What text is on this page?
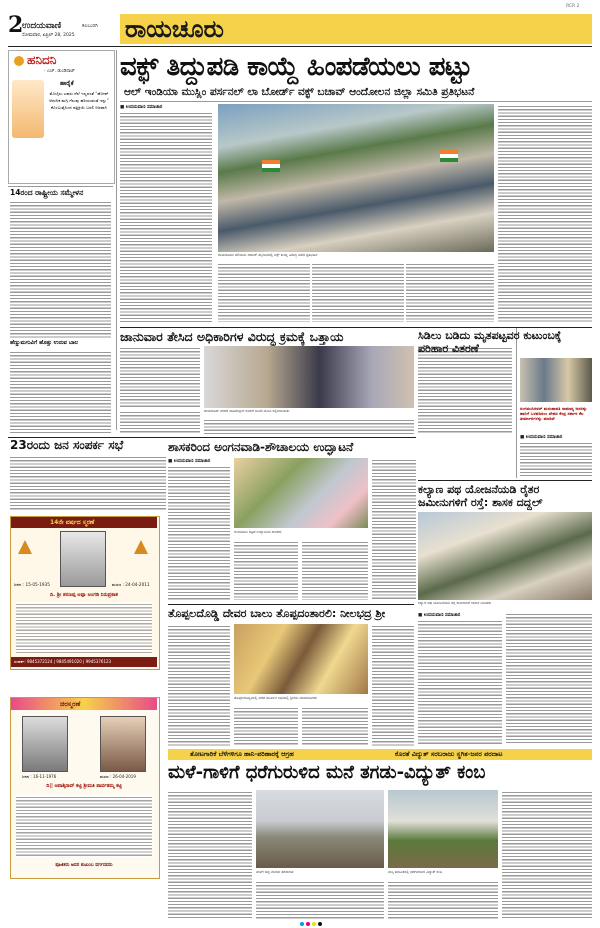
2
ಉದಯವಾಣಿ	ಕಲಬುರಗಿ
ಸೋಮವಾರ, ಏಪ್ರಿಲ್ 28, 2025 ರಾಯಚೂರು
RCR 2
ಹನಿದನಿ
- ಎಚ್. ಡುಂಡಿರಾಜ್
ಹಾರೈಕೆ
ಮೊಬೈಲು ಟವರು ನೆಲೆ ಇಲ್ಲದಂತೆ “ಹೋಪ್ ಆಧುನಿಕ ಮಗ್ಗಿ ಗೆಲುವು ಹರಿಯುವಂತೆ ಇನ್ನು” ಕೊಂಬುತೈನಿಂದ ಪತ್ರಿಕ್ರಿಯೆ ಬರಲಿ ನಿಜವಾಗಿ
14ರಂದ ರಾಷ್ಟ್ರೀಯ ಸಮ್ಮೇಳನ
ಹೆಣ್ಣುಮಗುವಿಗೆ ಹೊತ್ತು ಉರುವ ಬಾಲ
23ರಂದು ಜನ ಸಂಪರ್ಕ ಸಭೆ
14ನೇ ವರ್ಷದ ಸ್ಮರಣೆ
ಜನನ : 15-05-1935	ಮರಣ : 24-04-2011
ದಿ. ಶ್ರೀ ಶರಣಪ್ಪ ಅಪ್ಪಾ ಅಂಗಡಿ ನಿರುಪ್ರಕಾಶ
ಸಂಪರ್ಕ: 9845372124 | 9845491020 | 9945376123
ಚಿರಸ್ಮರಣೆ
ಜನನ : 16-11-1976	ಮರಣ : 26-04-2019
ದಿ|| ಅಪಾಶ್ಕಿರಾವ್ ಕಟ್ಟಿ ಶ್ರೀಮತಿ ಪಾರ್ವತಮ್ಮ ಕಟ್ಟಿ
ಪೂಜಿತರು ಅವರ ಕುಟುಂಬ ವರ್ಗದವರು
ವಕ್ಫ್ ತಿದ್ದುಪಡಿ ಕಾಯ್ದೆ ಹಿಂಪಡೆಯಲು ಪಟ್ಟು
ಆಲ್ ಇಂಡಿಯಾ ಮುಸ್ಲಿಂ ಪರ್ಸನಲ್ ಲಾ ಬೋರ್ಡ್ ವಕ್ಫ್ ಬಚಾವ್ ಆಂದೋಲನ ಜಿಲ್ಲಾ ಸಮಿತಿ ಪ್ರತಿಭಟನೆ
■ ಉದಯವಾಣಿ ಸಮಾಚಾರ
ರಾಯಚೂರಿನ ಮೌಲಾನಾ ಆಜಾದ್ ಮೈದಾನದಲ್ಲಿ ವಕ್ಫ್ ಕಾಯ್ದೆ ವಿರುದ್ಧ ನಡೆದ ಪ್ರತಿಭಟನೆ
ಜಾನುವಾರ ತೇಸಿದ ಅಧಿಕಾರಿಗಳ ವಿರುದ್ಧ ಕ್ರಮಕ್ಕೆ ಒತ್ತಾಯ
ರಾಯಚೂರು ನಗರದ ಪಾತಿಮಲ್ಲಾರ ಅವರಿಗೆ ಸಾವರ ಮನವಿ ಸಲ್ಲಿಸಲಾಯಿತು
ಸಿಡಿಲು ಬಡಿದು ಮೃತಪಟ್ಟವರ ಕುಟುಂಬಕ್ಕೆ ಪರಿಹಾರ ವಿತರಣೆ
ಸಂಗಮುನಿರವರ್ ಮರುಪಾವತಿ ಸಾಮಾನ್ಯ ಜನರನ್ನು ಹಾನಿಗೆ ಒಳಪಡಿಸಲು ದೇಶದ ಕೆಂದ್ರ ಸರ್ಕಾರ ಕೆಲ ತೀರ್ಮಾನಗಳನ್ನು ಮಾಡಿದೆ
■ ಉದಯವಾಣಿ ಸಮಾಚಾರ
ಶಾಸಕರಿಂದ ಅಂಗನವಾಡಿ-ಶೌಚಾಲಯ ಉದ್ಘಾಟನೆ
■ ಉದಯವಾಣಿ ಸಮಾಚಾರ
ಅಂಗನವಾಡಿ ಕಟ್ಟಡ ಉದ್ಘಾಟಿಸಿದ ಶಾಸಕರು
ಕಲ್ಯಾಣ ಪಥ ಯೋಜನೆಯಡಿ ರೈತರ ಜಮೀನುಗಳಿಗೆ ರಸ್ತೆ: ಶಾಸಕ ದದ್ದಲ್
ಕಲ್ಯಾಣ ಪಥ ಯೋಜನೆಯಡಿ ರಸ್ತೆ ಕಾಮಗಾರಿಗೆ ಚಾಲನೆ ನೀಡಿದರು
■ ಉದಯವಾಣಿ ಸಮಾಚಾರ
ತೊಪ್ಪಲದೊಡ್ಡಿ ದೇವರ ಬಾಲು ತೊಪ್ಪದಂತಾರಲಿ: ನೀಲಭದ್ರ ಶ್ರೀ
ತೊಪ್ಪಲದೊಡ್ಡಿಯಲ್ಲಿ ನಡೆದ ಧಾರ್ಮಿಕ ಸಭೆಯಲ್ಲಿ ಶ್ರೀಗಳು ಮಾತನಾಡಿದರು
ತೋಟಗಾರಿಕೆ ಬೆಳೆಗಳಿಗೂ ಹಾನಿ-ಪರಿಹಾರಕ್ಕೆ ಆಗ್ರಹ	ಕೊರತೆ ವಿದ್ಯುತ್ ಸರಬರಾಜು ಸ್ಥಗಿತ-ಜನರ ಪರದಾಟ
ಮಳೆ-ಗಾಳಿಗೆ ಧರೆಗುರುಳಿದ ಮನೆ ತಗಡು-ವಿದ್ಯುತ್ ಕಂಬ
ಮಳೆಗೆ ಬಿದ್ದ ಮನೆಯ ತಗಡುಗಳು	ಮಸ್ಕಿ ತಾಲೂಕಿನಲ್ಲಿ ಧರೆಗುರುಳಿದ ವಿದ್ಯುತ್ ಕಂಬ
